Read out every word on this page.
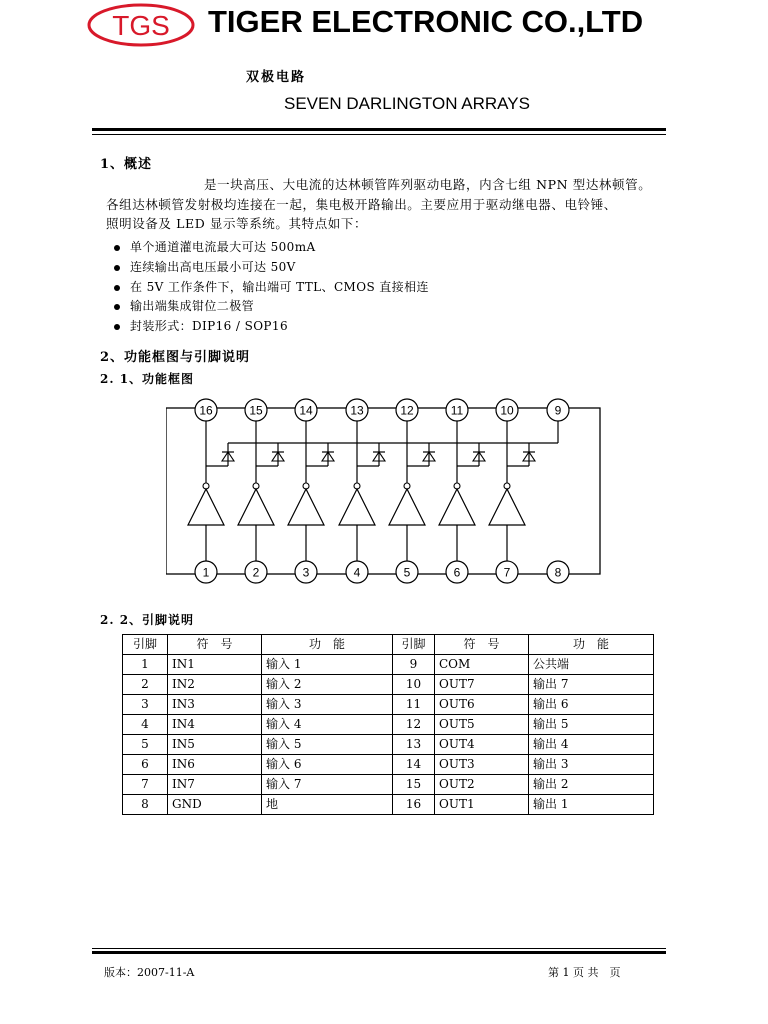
TGS TIGER ELECTRONIC CO.,LTD
双极电路
SEVEN DARLINGTON ARRAYS
1、概述
是一块高压、大电流的达林顿管阵列驱动电路，内含七组 NPN 型达林顿管。
各组达林顿管发射极均连接在一起，集电极开路输出。主要应用于驱动继电器、电铃锤、
照明设备及 LED 显示等系统。其特点如下：
单个通道灌电流最大可达 500mA
连续输出高电压最小可达 50V
在 5V 工作条件下，输出端可 TTL、CMOS 直接相连
输出端集成钳位二极管
封装形式：DIP16 / SOP16
2、功能框图与引脚说明
2. 1、功能框图
16	15	14	13	12	11	10	9
1	2	3	4	5	6	7	8
2. 2、引脚说明
引脚	符　号	功　能	引脚	符　号	功　能
1	IN1	输入 1	9	COM	公共端
2	IN2	输入 2	10	OUT7	输出 7
3	IN3	输入 3	11	OUT6	输出 6
4	IN4	输入 4	12	OUT5	输出 5
5	IN5	输入 5	13	OUT4	输出 4
6	IN6	输入 6	14	OUT3	输出 3
7	IN7	输入 7	15	OUT2	输出 2
8	GND	地	16	OUT1	输出 1
版本：2007-11-A	第 1 页 共　页
